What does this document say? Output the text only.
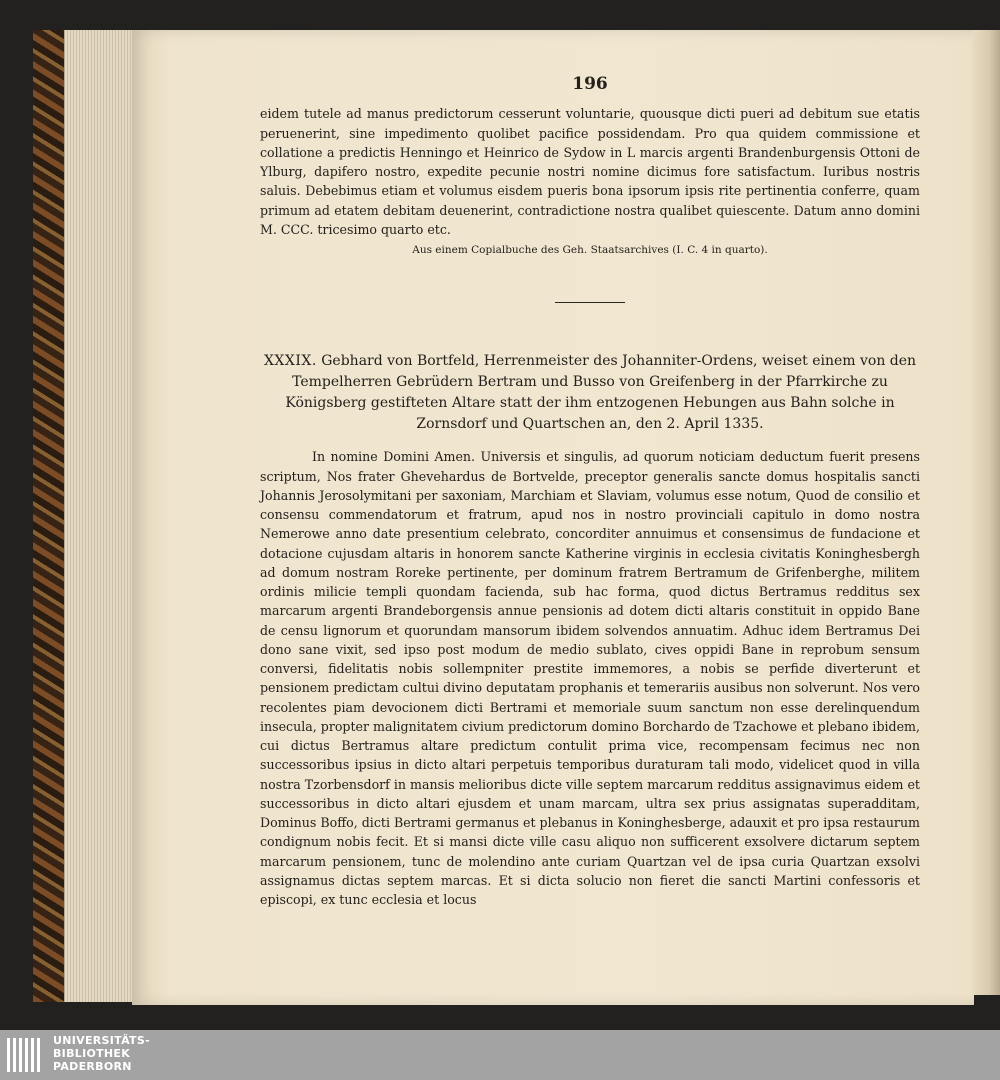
196

eidem tutele ad manus predictorum cesserunt voluntarie, quousque dicti pueri ad debitum sue etatis peruenerint, sine impedimento quolibet pacifice possidendam. Pro qua quidem commissione et collatione a predictis Henningo et Heinrico de Sydow in L marcis argenti Brandenburgensis Ottoni de Ylburg, dapifero nostro, expedite pecunie nostri nomine dicimus fore satisfactum. Iuribus nostris saluis. Debebimus etiam et volumus eisdem pueris bona ipsorum ipsis rite pertinentia conferre, quam primum ad etatem debitam deuenerint, contradictione nostra qualibet quiescente. Datum anno domini M. CCC. tricesimo quarto etc.

Aus einem Copialbuche des Geh. Staatsarchives (I. C. 4 in quarto).

XXXIX. Gebhard von Bortfeld, Herrenmeister des Johanniter-Ordens, weiset einem von den Tempelherren Gebrüdern Bertram und Busso von Greifenberg in der Pfarrkirche zu Königsberg gestifteten Altare statt der ihm entzogenen Hebungen aus Bahn solche in Zornsdorf und Quartschen an, den 2. April 1335.

In nomine Domini Amen. Universis et singulis, ad quorum noticiam deductum fuerit presens scriptum, Nos frater Ghevehardus de Bortvelde, preceptor generalis sancte domus hospitalis sancti Johannis Jerosolymitani per saxoniam, Marchiam et Slaviam, volumus esse notum, Quod de consilio et consensu commendatorum et fratrum, apud nos in nostro provinciali capitulo in domo nostra Nemerowe anno date presentium celebrato, concorditer annuimus et consensimus de fundacione et dotacione cujusdam altaris in honorem sancte Katherine virginis in ecclesia civitatis Koninghesbergh ad domum nostram Roreke pertinente, per dominum fratrem Bertramum de Grifenberghe, militem ordinis milicie templi quondam facienda, sub hac forma, quod dictus Bertramus redditus sex marcarum argenti Brandeborgensis annue pensionis ad dotem dicti altaris constituit in oppido Bane de censu lignorum et quorundam mansorum ibidem solvendos annuatim. Adhuc idem Bertramus Dei dono sane vixit, sed ipso post modum de medio sublato, cives oppidi Bane in reprobum sensum conversi, fidelitatis nobis sollempniter prestite immemores, a nobis se perfide diverterunt et pensionem predictam cultui divino deputatam prophanis et temerariis ausibus non solverunt. Nos vero recolentes piam devocionem dicti Bertrami et memoriale suum sanctum non esse derelinquendum insecula, propter malignitatem civium predictorum domino Borchardo de Tzachowe et plebano ibidem, cui dictus Bertramus altare predictum contulit prima vice, recompensam fecimus nec non successoribus ipsius in dicto altari perpetuis temporibus duraturam tali modo, videlicet quod in villa nostra Tzorbensdorf in mansis melioribus dicte ville septem marcarum redditus assignavimus eidem et successoribus in dicto altari ejusdem et unam marcam, ultra sex prius assignatas superadditam, Dominus Boffo, dicti Bertrami germanus et plebanus in Koninghesberge, adauxit et pro ipsa restaurum condignum nobis fecit. Et si mansi dicte ville casu aliquo non sufficerent exsolvere dictarum septem marcarum pensionem, tunc de molendino ante curiam Quartzan vel de ipsa curia Quartzan exsolvi assignamus dictas septem marcas. Et si dicta solucio non fieret die sancti Martini confessoris et episcopi, ex tunc ecclesia et locus

UNIVERSITÄTS-
BIBLIOTHEK
PADERBORN
